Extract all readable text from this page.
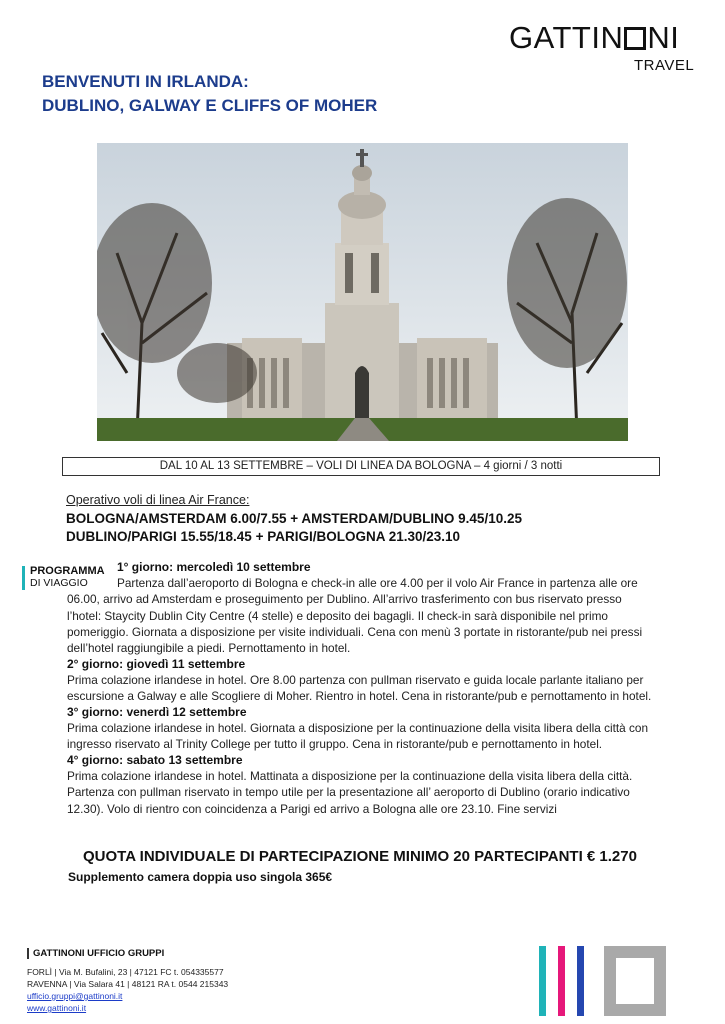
GATTIN NI
TRAVEL
BENVENUTI IN IRLANDA:
DUBLINO, GALWAY E CLIFFS OF MOHER
DAL 10 AL 13 SETTEMBRE – VOLI DI LINEA DA BOLOGNA – 4 giorni / 3 notti
Operativo voli di linea Air France:
BOLOGNA/AMSTERDAM 6.00/7.55 + AMSTERDAM/DUBLINO 9.45/10.25
DUBLINO/PARIGI 15.55/18.45 + PARIGI/BOLOGNA 21.30/23.10
PROGRAMMA
DI VIAGGIO
1° giorno: mercoledì 10 settembre
Partenza dall’aeroporto di Bologna e check-in alle ore 4.00 per il volo Air France in partenza alle ore 06.00, arrivo ad Amsterdam e proseguimento per Dublino. All’arrivo trasferimento con bus riservato presso l’hotel: Staycity Dublin City Centre (4 stelle) e deposito dei bagagli. Il check-in sarà disponibile nel primo pomeriggio. Giornata a disposizione per visite individuali. Cena con menù 3 portate in ristorante/pub nei pressi dell’hotel raggiungibile a piedi. Pernottamento in hotel.
2° giorno: giovedì 11 settembre
Prima colazione irlandese in hotel. Ore 8.00 partenza con pullman riservato e guida locale parlante italiano per escursione a Galway e alle Scogliere di Moher. Rientro in hotel. Cena in ristorante/pub e pernottamento in hotel.
3° giorno: venerdì 12 settembre
Prima colazione irlandese in hotel. Giornata a disposizione per la continuazione della visita libera della città con ingresso riservato al Trinity College per tutto il gruppo. Cena in ristorante/pub e pernottamento in hotel.
4° giorno: sabato 13 settembre
Prima colazione irlandese in hotel. Mattinata a disposizione per la continuazione della visita libera della città. Partenza con pullman riservato in tempo utile per la presentazione all’ aeroporto di Dublino (orario indicativo 12.30). Volo di rientro con coincidenza a Parigi ed arrivo a Bologna alle ore 23.10. Fine servizi
QUOTA INDIVIDUALE DI PARTECIPAZIONE MINIMO 20 PARTECIPANTI € 1.270
Supplemento camera doppia uso singola 365€
GATTINONI UFFICIO GRUPPI
FORLÌ | Via M. Bufalini, 23 | 47121 FC t. 054335577
RAVENNA | Via Salara 41 | 48121 RA t. 0544 215343
ufficio.gruppi@gattinoni.it
www.gattinoni.it
